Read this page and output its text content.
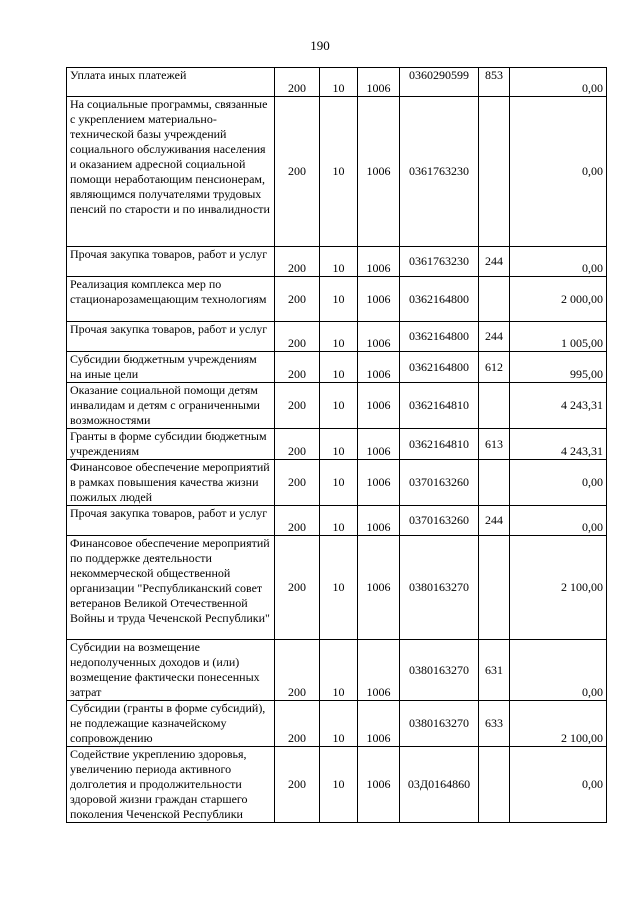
190
Уплата иных платежей	200	10	1006	0360290599	853	0,00
На социальные программы, связанные с укреплением материально-технической базы учреждений социального обслуживания населения и оказанием адресной социальной помощи неработающим пенсионерам, являющимся получателями трудовых пенсий по старости и по инвалидности	200	10	1006	0361763230		0,00
Прочая закупка товаров, работ и услуг	200	10	1006	0361763230	244	0,00
Реализация комплекса мер по стационарозамещающим технологиям	200	10	1006	0362164800		2 000,00
Прочая закупка товаров, работ и услуг	200	10	1006	0362164800	244	1 005,00
Субсидии бюджетным учреждениям на иные цели	200	10	1006	0362164800	612	995,00
Оказание социальной помощи детям инвалидам и детям с ограниченными возможностями	200	10	1006	0362164810		4 243,31
Гранты в форме субсидии бюджетным учреждениям	200	10	1006	0362164810	613	4 243,31
Финансовое обеспечение мероприятий в рамках повышения качества жизни пожилых людей	200	10	1006	0370163260		0,00
Прочая закупка товаров, работ и услуг	200	10	1006	0370163260	244	0,00
Финансовое обеспечение мероприятий по поддержке деятельности некоммерческой общественной организации "Республиканский совет ветеранов Великой Отечественной Войны и труда Чеченской Республики"	200	10	1006	0380163270		2 100,00
Субсидии на возмещение недополученных доходов и (или) возмещение фактически понесенных затрат	200	10	1006	0380163270	631	0,00
Субсидии (гранты в форме субсидий), не подлежащие казначейскому сопровождению	200	10	1006	0380163270	633	2 100,00
Содействие укреплению здоровья, увеличению периода активного долголетия и продолжительности здоровой жизни граждан старшего поколения Чеченской Республики	200	10	1006	03Д0164860		0,00
